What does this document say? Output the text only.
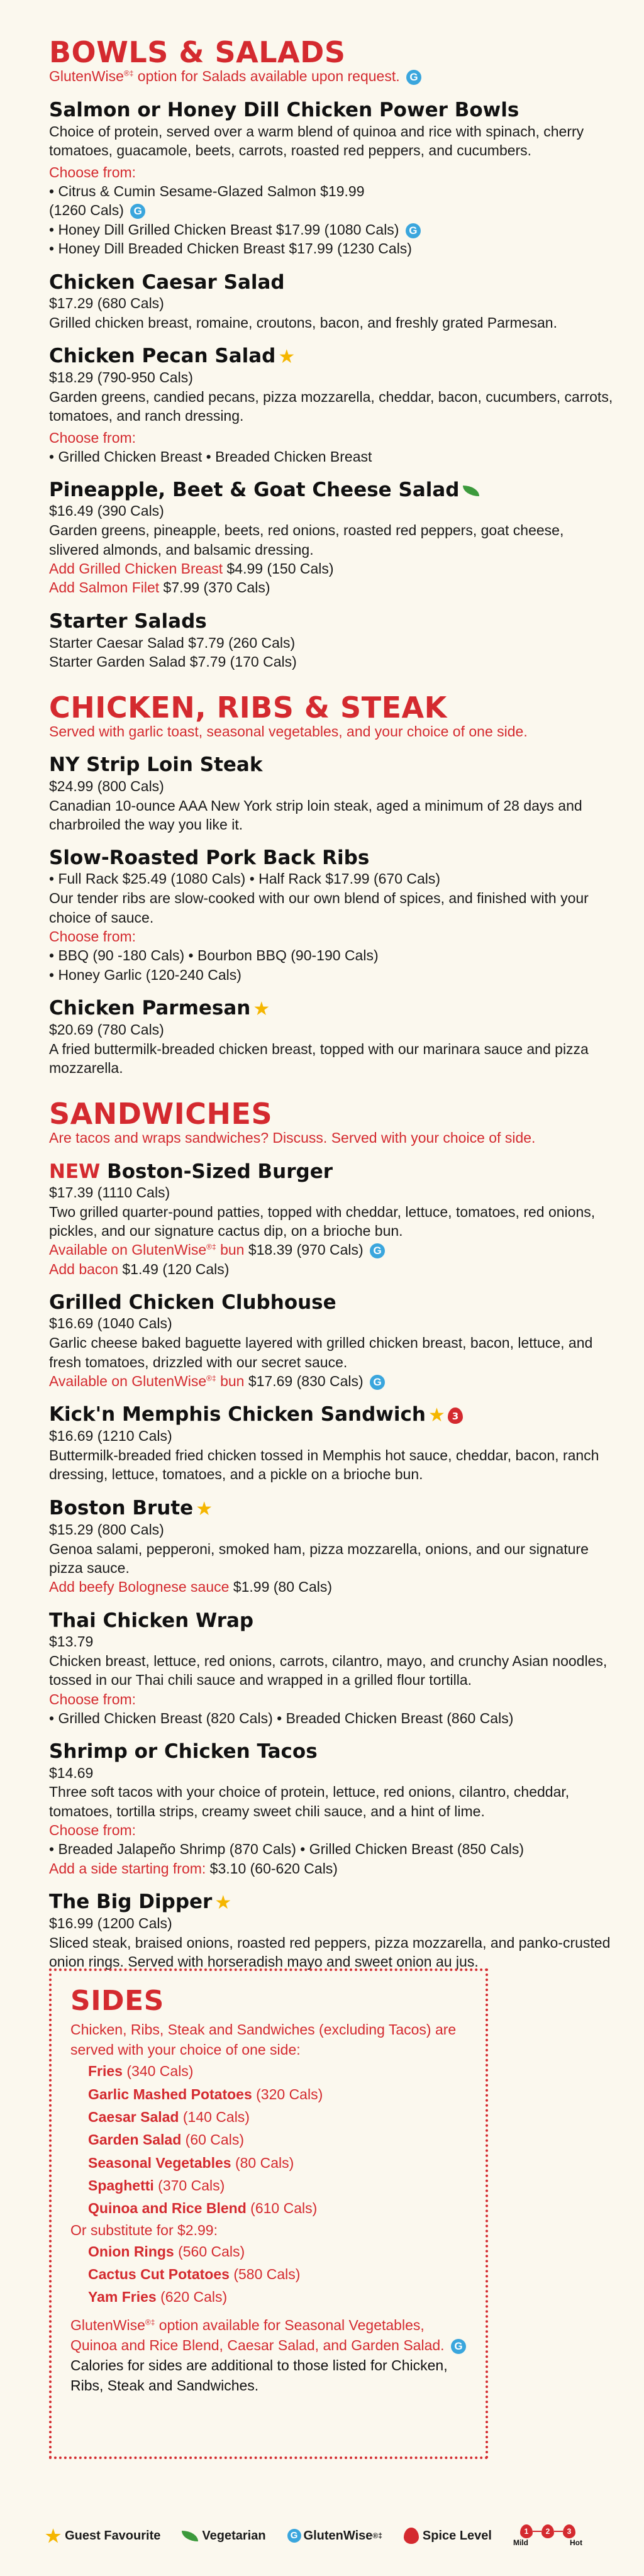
BOWLS & SALADS
GlutenWise®‡ option for Salads available upon request. G
Salmon or Honey Dill Chicken Power Bowls
Choice of protein, served over a warm blend of quinoa and rice with spinach, cherry tomatoes, guacamole, beets, carrots, roasted red peppers, and cucumbers.
Choose from:
• Citrus & Cumin Sesame-Glazed Salmon $19.99
(1260 Cals) G
• Honey Dill Grilled Chicken Breast $17.99 (1080 Cals) G
• Honey Dill Breaded Chicken Breast $17.99 (1230 Cals)
Chicken Caesar Salad
$17.29 (680 Cals)
Grilled chicken breast, romaine, croutons, bacon, and freshly grated Parmesan.
Chicken Pecan Salad ★
$18.29 (790-950 Cals)
Garden greens, candied pecans, pizza mozzarella, cheddar, bacon, cucumbers, carrots, tomatoes, and ranch dressing.
Choose from:
• Grilled Chicken Breast • Breaded Chicken Breast
Pineapple, Beet & Goat Cheese Salad
$16.49 (390 Cals)
Garden greens, pineapple, beets, red onions, roasted red peppers, goat cheese, slivered almonds, and balsamic dressing.
Add Grilled Chicken Breast $4.99 (150 Cals)
Add Salmon Filet $7.99 (370 Cals)
Starter Salads
Starter Caesar Salad $7.79 (260 Cals)
Starter Garden Salad $7.79 (170 Cals)
CHICKEN, RIBS & STEAK
Served with garlic toast, seasonal vegetables, and your choice of one side.
NY Strip Loin Steak
$24.99 (800 Cals)
Canadian 10-ounce AAA New York strip loin steak, aged a minimum of 28 days and charbroiled the way you like it.
Slow-Roasted Pork Back Ribs
• Full Rack $25.49 (1080 Cals) • Half Rack $17.99 (670 Cals)
Our tender ribs are slow-cooked with our own blend of spices, and finished with your choice of sauce.
Choose from:
• BBQ (90 -180 Cals) • Bourbon BBQ (90-190 Cals)
• Honey Garlic (120-240 Cals)
Chicken Parmesan ★
$20.69 (780 Cals)
A fried buttermilk-breaded chicken breast, topped with our marinara sauce and pizza mozzarella.
SANDWICHES
Are tacos and wraps sandwiches? Discuss. Served with your choice of side.
NEW Boston-Sized Burger
$17.39 (1110 Cals)
Two grilled quarter-pound patties, topped with cheddar, lettuce, tomatoes, red onions, pickles, and our signature cactus dip, on a brioche bun.
Available on GlutenWise®‡ bun $18.39 (970 Cals) G
Add bacon $1.49 (120 Cals)
Grilled Chicken Clubhouse
$16.69 (1040 Cals)
Garlic cheese baked baguette layered with grilled chicken breast, bacon, lettuce, and fresh tomatoes, drizzled with our secret sauce.
Available on GlutenWise®‡ bun $17.69 (830 Cals) G
Kick'n Memphis Chicken Sandwich ★ 3
$16.69 (1210 Cals)
Buttermilk-breaded fried chicken tossed in Memphis hot sauce, cheddar, bacon, ranch dressing, lettuce, tomatoes, and a pickle on a brioche bun.
Boston Brute ★
$15.29 (800 Cals)
Genoa salami, pepperoni, smoked ham, pizza mozzarella, onions, and our signature pizza sauce.
Add beefy Bolognese sauce $1.99 (80 Cals)
Thai Chicken Wrap
$13.79
Chicken breast, lettuce, red onions, carrots, cilantro, mayo, and crunchy Asian noodles, tossed in our Thai chili sauce and wrapped in a grilled flour tortilla.
Choose from:
• Grilled Chicken Breast (820 Cals) • Breaded Chicken Breast (860 Cals)
Shrimp or Chicken Tacos
$14.69
Three soft tacos with your choice of protein, lettuce, red onions, cilantro, cheddar, tomatoes, tortilla strips, creamy sweet chili sauce, and a hint of lime.
Choose from:
• Breaded Jalapeño Shrimp (870 Cals) • Grilled Chicken Breast (850 Cals)
Add a side starting from: $3.10 (60-620 Cals)
The Big Dipper ★
$16.99 (1200 Cals)
Sliced steak, braised onions, roasted red peppers, pizza mozzarella, and panko-crusted onion rings. Served with horseradish mayo and sweet onion au jus.
SIDES
Chicken, Ribs, Steak and Sandwiches (excluding Tacos) are served with your choice of one side:
Fries (340 Cals)
Garlic Mashed Potatoes (320 Cals)
Caesar Salad (140 Cals)
Garden Salad (60 Cals)
Seasonal Vegetables (80 Cals)
Spaghetti (370 Cals)
Quinoa and Rice Blend (610 Cals)
Or substitute for $2.99:
Onion Rings (560 Cals)
Cactus Cut Potatoes (580 Cals)
Yam Fries (620 Cals)
GlutenWise®‡ option available for Seasonal Vegetables, Quinoa and Rice Blend, Caesar Salad, and Garden Salad. G
Calories for sides are additional to those listed for Chicken, Ribs, Steak and Sandwiches.
★ Guest Favourite	Vegetarian	G GlutenWise ®‡	Spice Level	1	2	3
Mild	Hot
